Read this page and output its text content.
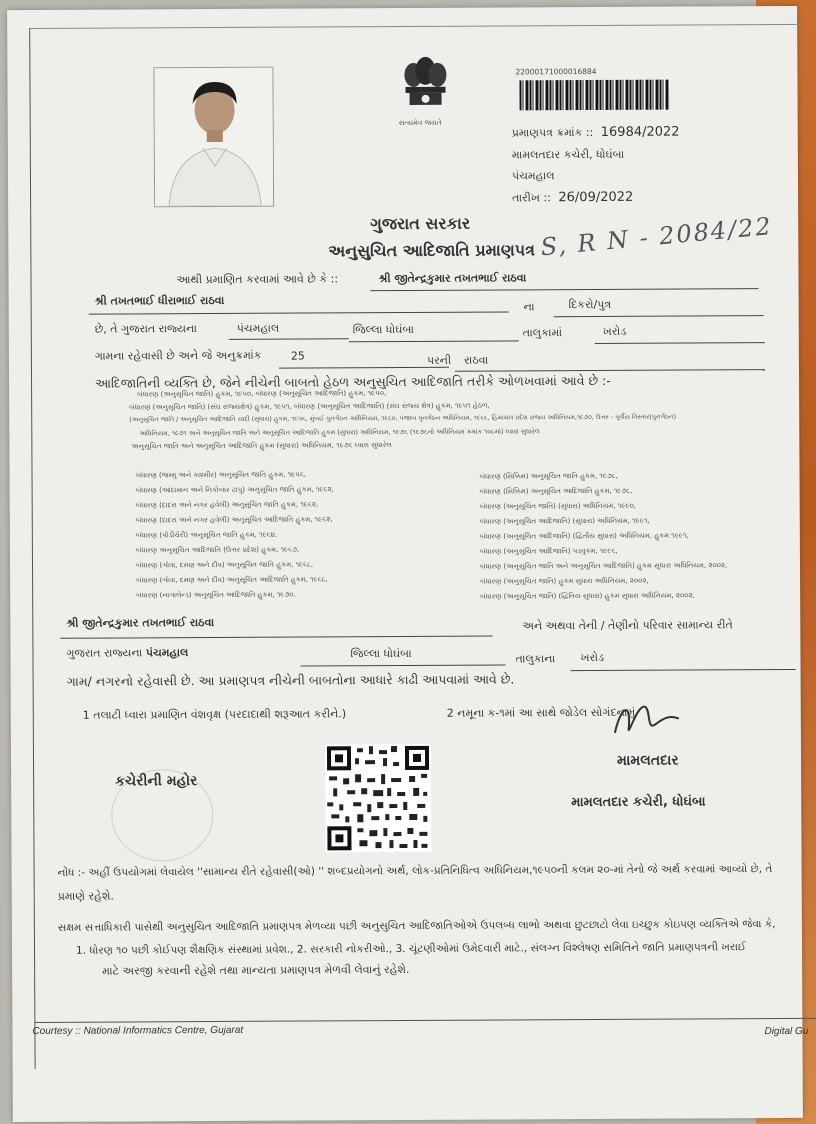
સત્યમેવ જયતે
22000171000016884
પ્રમાણપત્ર ક્રમાંક :: 16984/2022
મામલતદાર કચેરી, ધોઘંબા
પંચમહાલ
તારીખ :: 26/09/2022
ગુજરાત સરકાર
અનુસુચિત આદિજાતિ પ્રમાણપત્ર S, R N - 2084/22
આથી પ્રમાણિત કરવામાં આવે છે કે ::	શ્રી જીતેન્દ્રકુમાર તખતભાઈ રાઠવા
શ્રી તખતભાઈ ધીરાભાઈ રાઠવા	ના	દિકરો/પુત્ર
છે, તે ગુજરાત રાજ્યના	પંચમહાલ	જિલ્લા ધોઘંબા	તાલુકામાં	ખરોડ
ગામના રહેવાસી છે અને જે અનુક્રમાંક	25	પરની રાઠવા
આદિજાતિની વ્યક્તિ છે, જેને નીચેની બાબતો હેઠળ અનુસુચિત આદિજાતિ તરીકે ઓળખવામાં આવે છે :-
બંધારણ (અનુસૂચિત જાતિ) હુકમ, ૧૯૫૦, બંધારણ (અનુસૂચિત આદિજાતિ) હુકમ, ૧૯૫૦,
બંધારણ (અનુસૂચિત જાતિ) (સંઘ રાજ્યક્ષેત્ર) હુકમ, ૧૯૫૧, બંધારણ (અનુસૂચિત આદિજાતિ) (સંઘ રાજ્ય ક્ષેત્ર) હુકમ, ૧૯૫૧ હેઠળ,
(અનુસૂચિત જાતિ / અનુસૂચિત આદિજાતિ યાદી (સુધારા) હુકમ, ૧૯૫૬, મુંબઈ પુનર્ગઠન અધિનિયમ, ૧૯૬૦, પંજાબ પુનર્ગઠન અધિનિયમ, ૧૯૬૬, હિમાચલ પ્રદેશ રાજ્ય અધિનિયમ,૧૯૭૦, ઉત્તર - પૂર્વીય વિસ્તાર(પુનર્ગઠન)
અધિનિયમ, ૧૯૭૧ અને અનુસૂચિત જાતિ અને અનુસૂચિત આદિજાતિ હુકમ (સુધારા) અધિનિયમ, ૧૯૭૬ (૧૯૭૬નો અધિનિયમ ક્રમાંક ૧૦૮માં) ધ્વારા સુધારેલ
અનુસૂચિત જાતિ અને અનુસૂચિત આદિજાતિ હુકમ (સુધારા) અધિનિયમ, ૧૯૭૬ ધ્વારા સુધારેલ
બંધારણ (જમ્મુ અને કાશ્મીર) અનુસૂચિત જાતિ હુકમ, ૧૯૫૬,
બંધારણ (આંદામાન અને નિકોબાર ટાપુ) અનુસૂચિત જાતિ હુકમ, ૧૯૬૨,
બંધારણ (દાદરા અને નગર હવેલી) અનુસૂચિત જાતિ હુકમ, ૧૯૬૨,
બંધારણ (દાદરા અને નગર હવેલી) અનુસૂચિત આદિજાતિ હુકમ, ૧૯૬૨,
બંધારણ (પોંડીચેરી) અનુસૂચિત જાતિ હુકમ, ૧૯૬૪,
બંધારણ અનુસૂચિત આદિજાતિ (ઉત્તર પ્રદેશ) હુકમ, ૧૯૬૭,
બંધારણ (ગોવા, દમણ અને દીવ) અનુસૂચિત જાતિ હુકમ, ૧૯૬૮,
બંધારણ (ગોવા, દમણ અને દીવ) અનુસૂચિત આદિજાતિ હુકમ, ૧૯૬૮,
બંધારણ (નાગાલેન્ડ) અનુસૂચિત આદિજાતિ હુકમ, ૧૯૭૦.
બંધારણ (સિક્કિમ) અનુસૂચિત જાતિ હુકમ, ૧૯૭૮,
બંધારણ (સિક્કિમ) અનુસૂચિત આદિજાતિ હુકમ, ૧૯૭૮,
બંધારણ (અનુસૂચિત જાતિ) (સુધારા) અધિનિયમ, ૧૯૯૦,
બંધારણ (અનુસૂચિત આદિજાતિ) (સુધારા) અધિનિયમ, ૧૯૯૧,
બંધારણ (અનુસૂચિત આદિજાતિ) (દ્વિતીય સુધારા) અધિનિયમ, હુકમ ૧૯૯૧,
બંધારણ (અનુસૂચિત આદિજાતિ) પડવુકમ, ૧૯૯૬,
બંધારણ (અનુસૂચિત જાતિ અને અનુસૂચિત આદિજાતિ) હુકમ સુધારા અધિનિયમ, ૨૦૦૨,
બંધારણ (અનુસૂચિત જાતિ) હુકમ સુધારા અધિનિયમ, ૨૦૦૨,
બંધારણ (અનુસૂચિત જાતિ) (દ્વિતિય સુધારા) હુકમ સુધારા અધિનિયમ, ૨૦૦૨,
શ્રી જીતેન્દ્રકુમાર તખતભાઈ રાઠવા	અને અથવા તેની / તેણીનો પરિવાર સામાન્ય રીતે
ગુજરાત રાજ્યના પંચમહાલ	જિલ્લા ધોઘંબા	તાલુકાના ખરોડ
ગામ/ નગરનો રહેવાસી છે. આ પ્રમાણપત્ર નીચેની બાબતોના આધારે કાઢી આપવામાં આવે છે.
1 તલાટી ધ્વારા પ્રમાણિત વંશવૃક્ષ (પરદાદાથી શરૂઆત કરીને.)	2 નમૂના ક-૧માં આ સાથે જોડેલ સોગંદનામું
મામલતદાર
કચેરીની મહોર
મામલતદાર કચેરી, ધોઘંબા
નોંધ :- અહીં ઉપયોગમાં લેવાયેલ ''સામાન્ય રીતે રહેવાસી(ઓ) '' શબ્દપ્રયોગનો અર્થ, લોક-પ્રતિનિધિત્વ અધિનિયમ,૧૯૫૦ની કલમ ૨૦-માં તેનો જે અર્થ કરવામાં આવ્યો છે, તે
પ્રમાણે રહેશે.
સક્ષમ સત્તાધિકારી પાસેથી અનુસુચિત આદિજાતિ પ્રમાણપત્ર મેળવ્યા પછી અનુસુચિત આદિજાતિઓએ ઉપલબ્ધ લાભો અથવા છુટછાટો લેવા ઇચ્છુક કોઇપણ વ્યક્તિએ જેવા કે,
1. ધોરણ ૧૦ પછી કોઈપણ શૈક્ષણિક સંસ્થામાં પ્રવેશ., 2. સરકારી નોકરીઓ., 3. ચૂંટણીઓમાં ઉમેદવારી માટે., સંલગ્ન વિશ્લેષણ સમિતિને જાતિ પ્રમાણપત્રની ખરાઈ
માટે અરજી કરવાની રહેશે તથા માન્યતા પ્રમાણપત્ર મેળવી લેવાનું રહેશે.
Courtesy :: National Informatics Centre, Gujarat	Digital Gu
